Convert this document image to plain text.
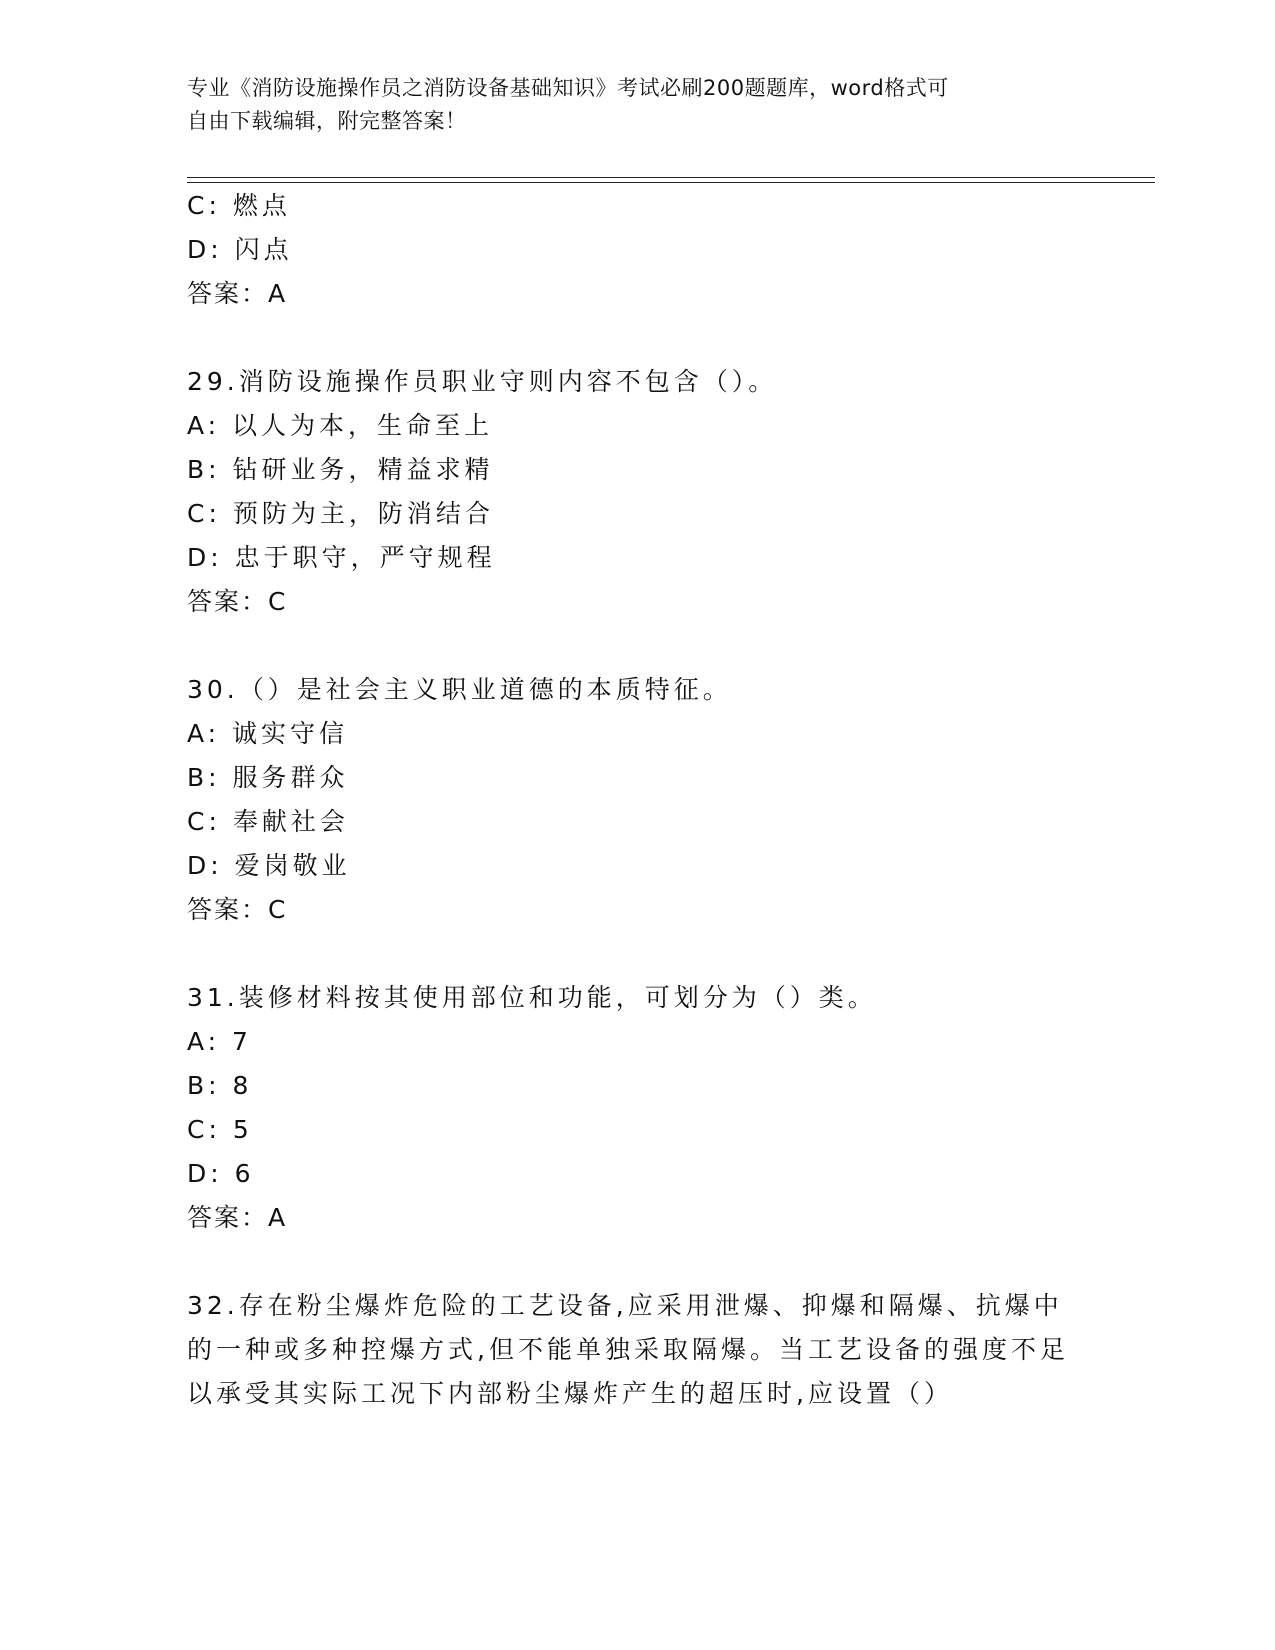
专业《消防设施操作员之消防设备基础知识》考试必刷200题题库，word格式可
自由下载编辑，附完整答案！
C: 燃点
D: 闪点
答案：A
29.消防设施操作员职业守则内容不包含（）。
A: 以人为本，生命至上
B: 钻研业务，精益求精
C: 预防为主，防消结合
D: 忠于职守，严守规程
答案：C
30.（）是社会主义职业道德的本质特征。
A: 诚实守信
B: 服务群众
C: 奉献社会
D: 爱岗敬业
答案：C
31.装修材料按其使用部位和功能，可划分为（）类。
A: 7
B: 8
C: 5
D: 6
答案：A
32.存在粉尘爆炸危险的工艺设备,应采用泄爆、抑爆和隔爆、抗爆中
的一种或多种控爆方式,但不能单独采取隔爆。当工艺设备的强度不足
以承受其实际工况下内部粉尘爆炸产生的超压时,应设置（）
